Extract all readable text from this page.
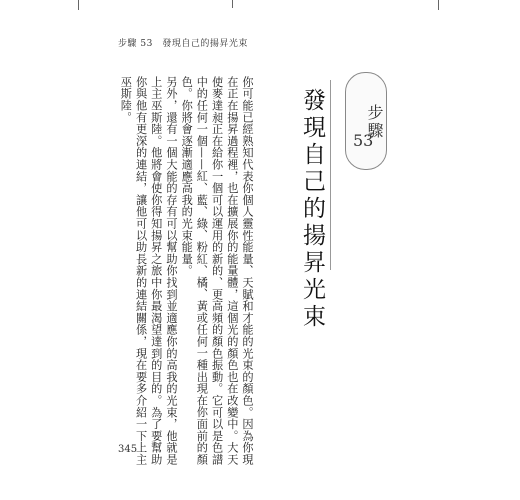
步驟 53　發現自己的揚昇光束
步驟
53
發現自己的揚昇光束

你可能已經熟知代表你個人靈性能量、天賦和才能的光束的顏色。因為你現在正在揚昇過程裡，也在擴展你的能量體，這個光的顏色也在改變中。大天使麥達昶正在給你一個可以運用的新的、更高頻的顏色振動。它可以是色譜中的任何一個——紅、藍、綠、粉紅、橘、黃或任何一種出現在你面前的顏色。你將會逐漸適應高我的光束能量。

另外，還有一個大能的存有可以幫助你找到並適應你的高我的光束，他就是上主巫斯陸。他將會使你得知揚昇之旅中你最渴望達到的目的。為了要幫助你與他有更深的連結，讓他可以助長新的連結關係，現在要多介紹一下上主巫斯陸。

345
